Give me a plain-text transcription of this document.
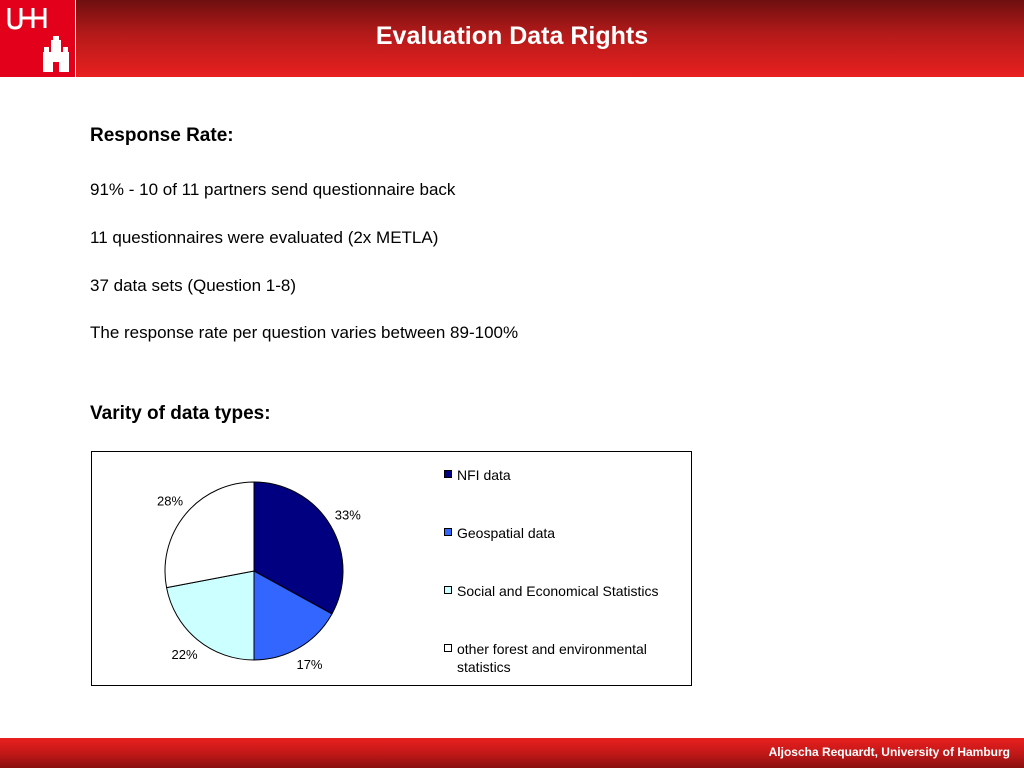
Evaluation Data Rights
Response Rate:
91% - 10 of 11 partners send questionnaire back
11 questionnaires were evaluated (2x METLA)
37 data sets (Question 1-8)
The response rate per question varies between 89-100%
Varity of data types:
33%
17%
22%
28%
NFI data
Geospatial data
Social and Economical Statistics
other forest and environmental statistics
Aljoscha Requardt, University of Hamburg
